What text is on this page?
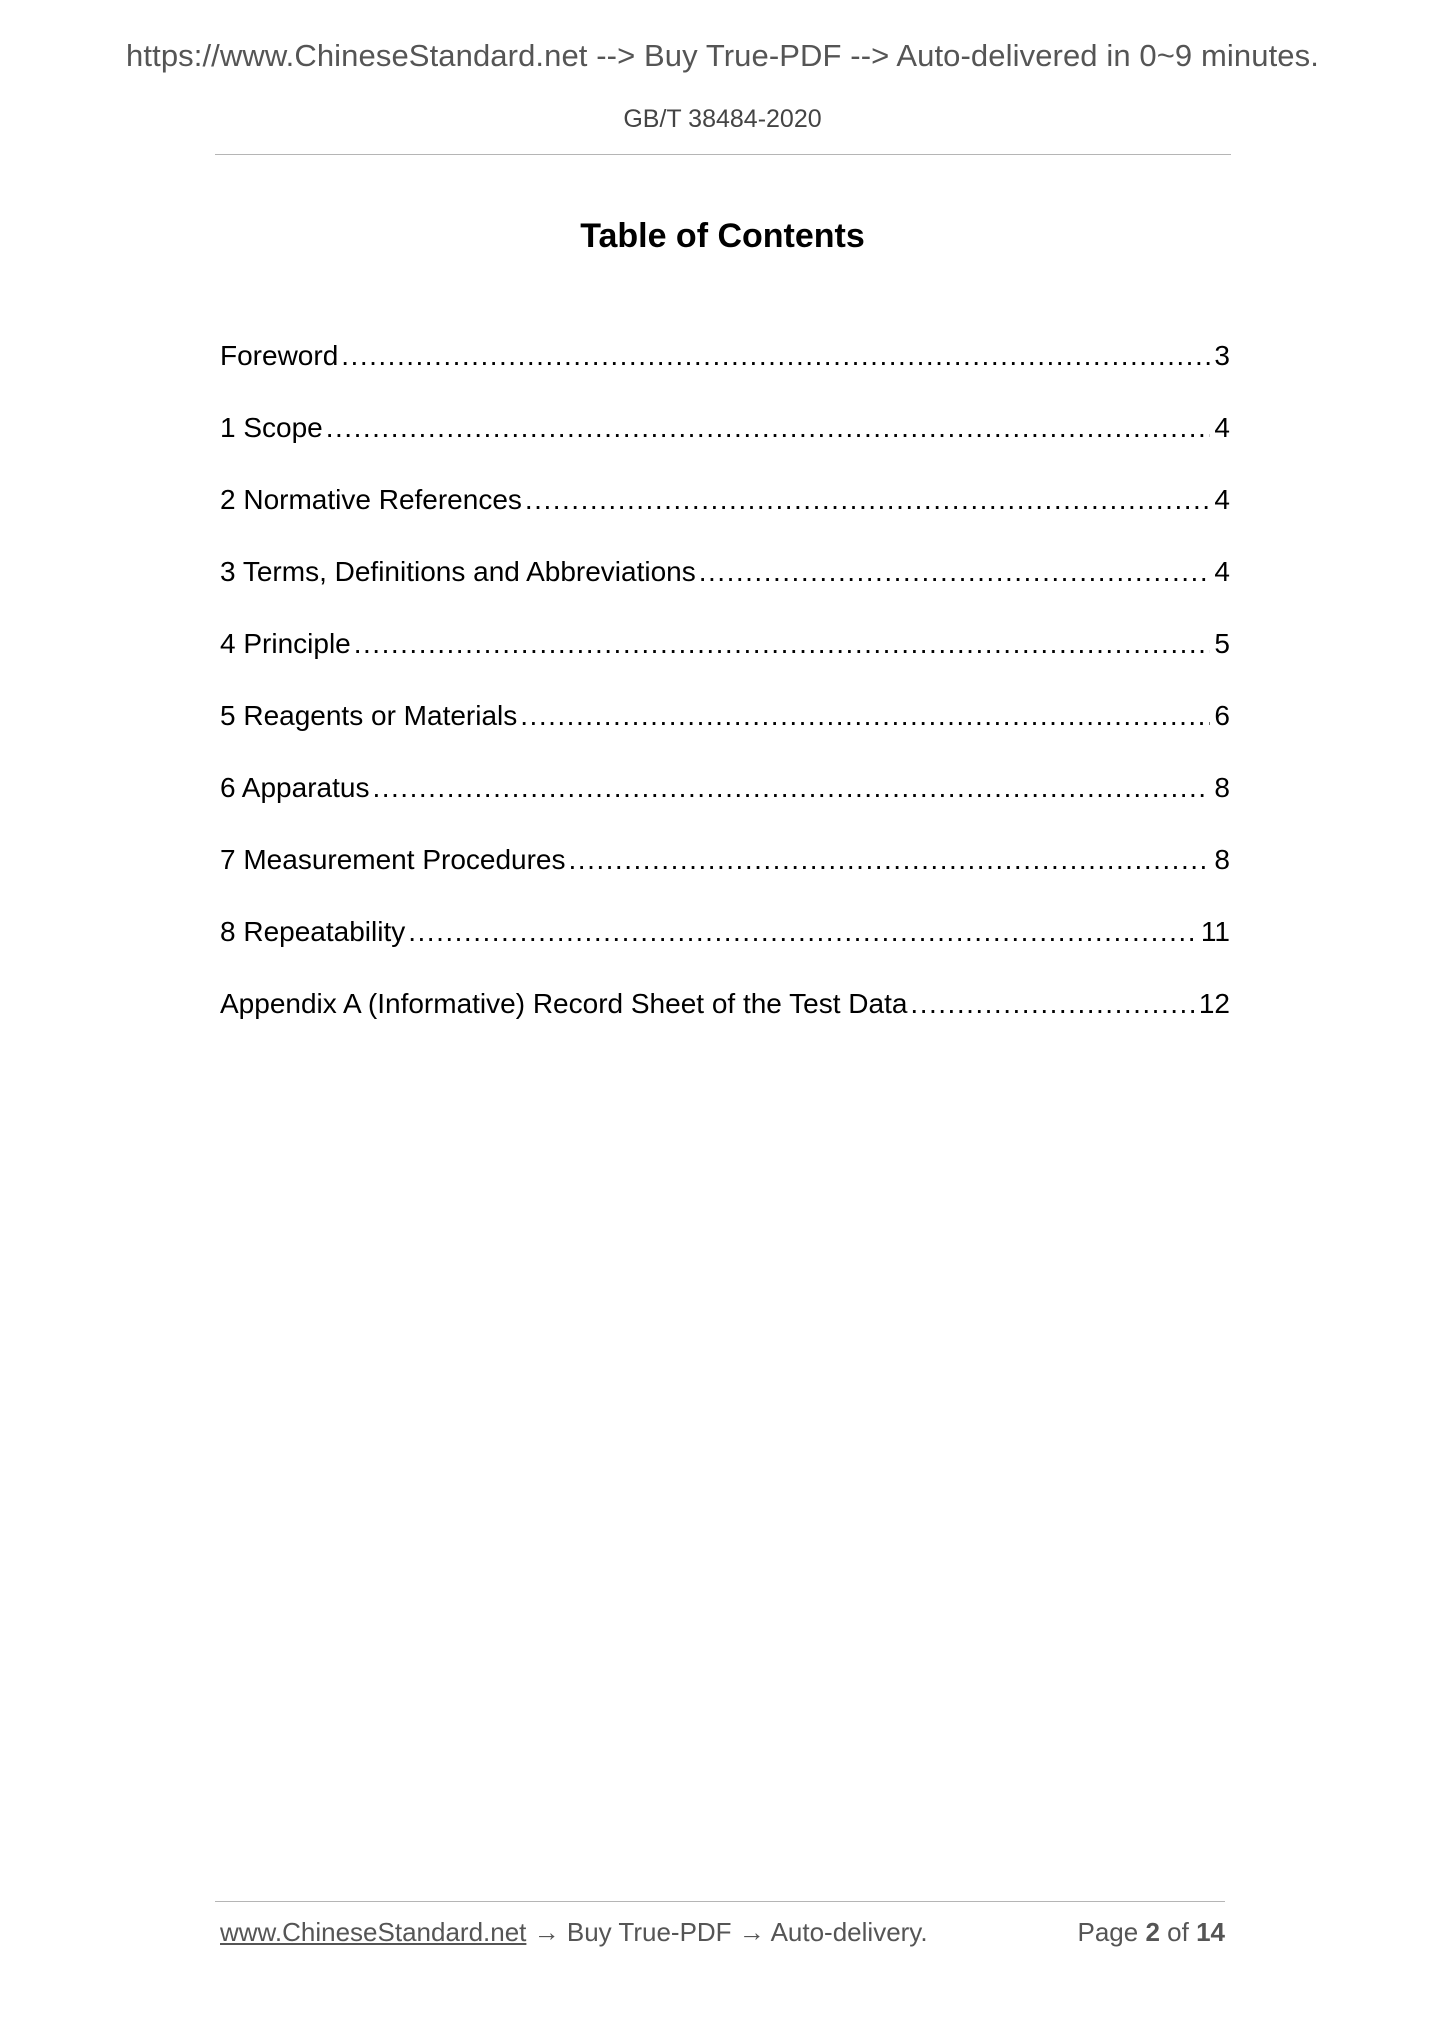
https://www.ChineseStandard.net --> Buy True-PDF --> Auto-delivered in 0~9 minutes.
GB/T 38484-2020
Table of Contents
Foreword .....	3
1 Scope .....	4
2 Normative References .....	4
3 Terms, Definitions and Abbreviations .....	4
4 Principle .....	5
5 Reagents or Materials .....	6
6 Apparatus .....	8
7 Measurement Procedures .....	8
8 Repeatability .....	11
Appendix A (Informative) Record Sheet of the Test Data .....	12
www.ChineseStandard.net → Buy True-PDF → Auto-delivery.	Page 2 of 14
